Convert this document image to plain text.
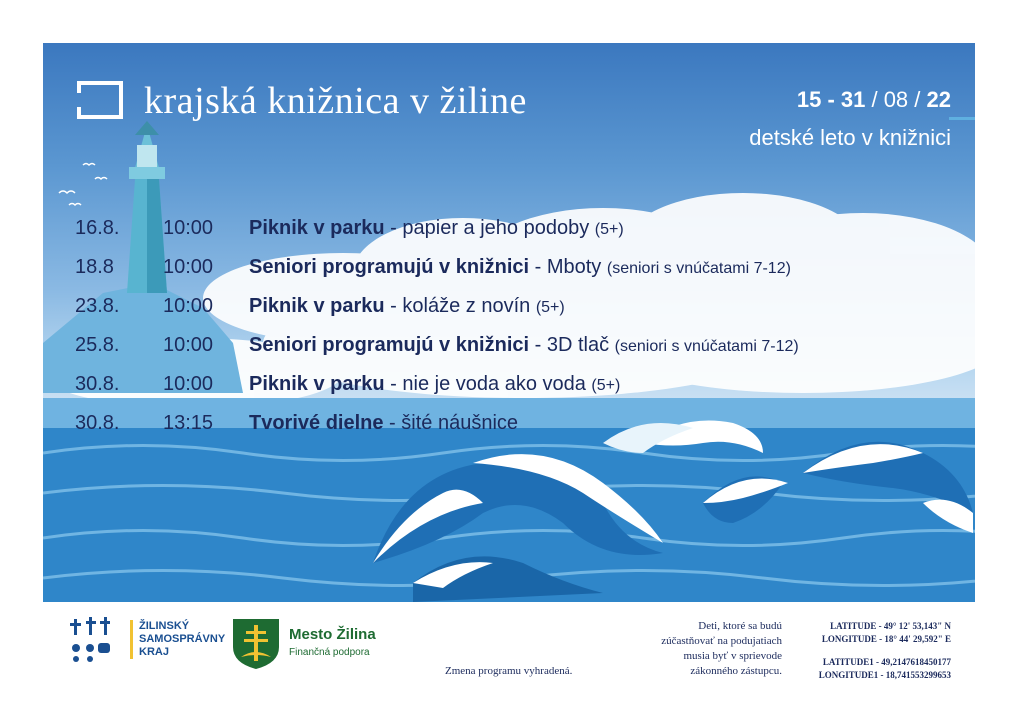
krajská knižnica v žiline	15 - 31 / 08 / 22
detské leto v knižnici
16.8. 10:00 Piknik v parku - papier a jeho podoby (5+)
18.8 10:00 Seniori programujú v knižnici - Mboty (seniori s vnúčatami 7-12)
23.8. 10:00 Piknik v parku - koláže z novín (5+)
25.8. 10:00 Seniori programujú v knižnici - 3D tlač (seniori s vnúčatami 7-12)
30.8. 10:00 Piknik v parku - nie je voda ako voda (5+)
30.8. 13:15 Tvorivé dielne - šité náušnice
ŽILINSKÝ
SAMOSPRÁVNY
KRAJ
Mesto Žilina
Finančná podpora
Zmena programu vyhradená.
Deti, ktoré sa budú
zúčastňovať na podujatiach
musia byť v sprievode
zákonného zástupcu.
LATITUDE - 49° 12' 53,143" N
LONGITUDE - 18° 44' 29,592" E
LATITUDE1 - 49,2147618450177
LONGITUDE1 - 18,741553299653
